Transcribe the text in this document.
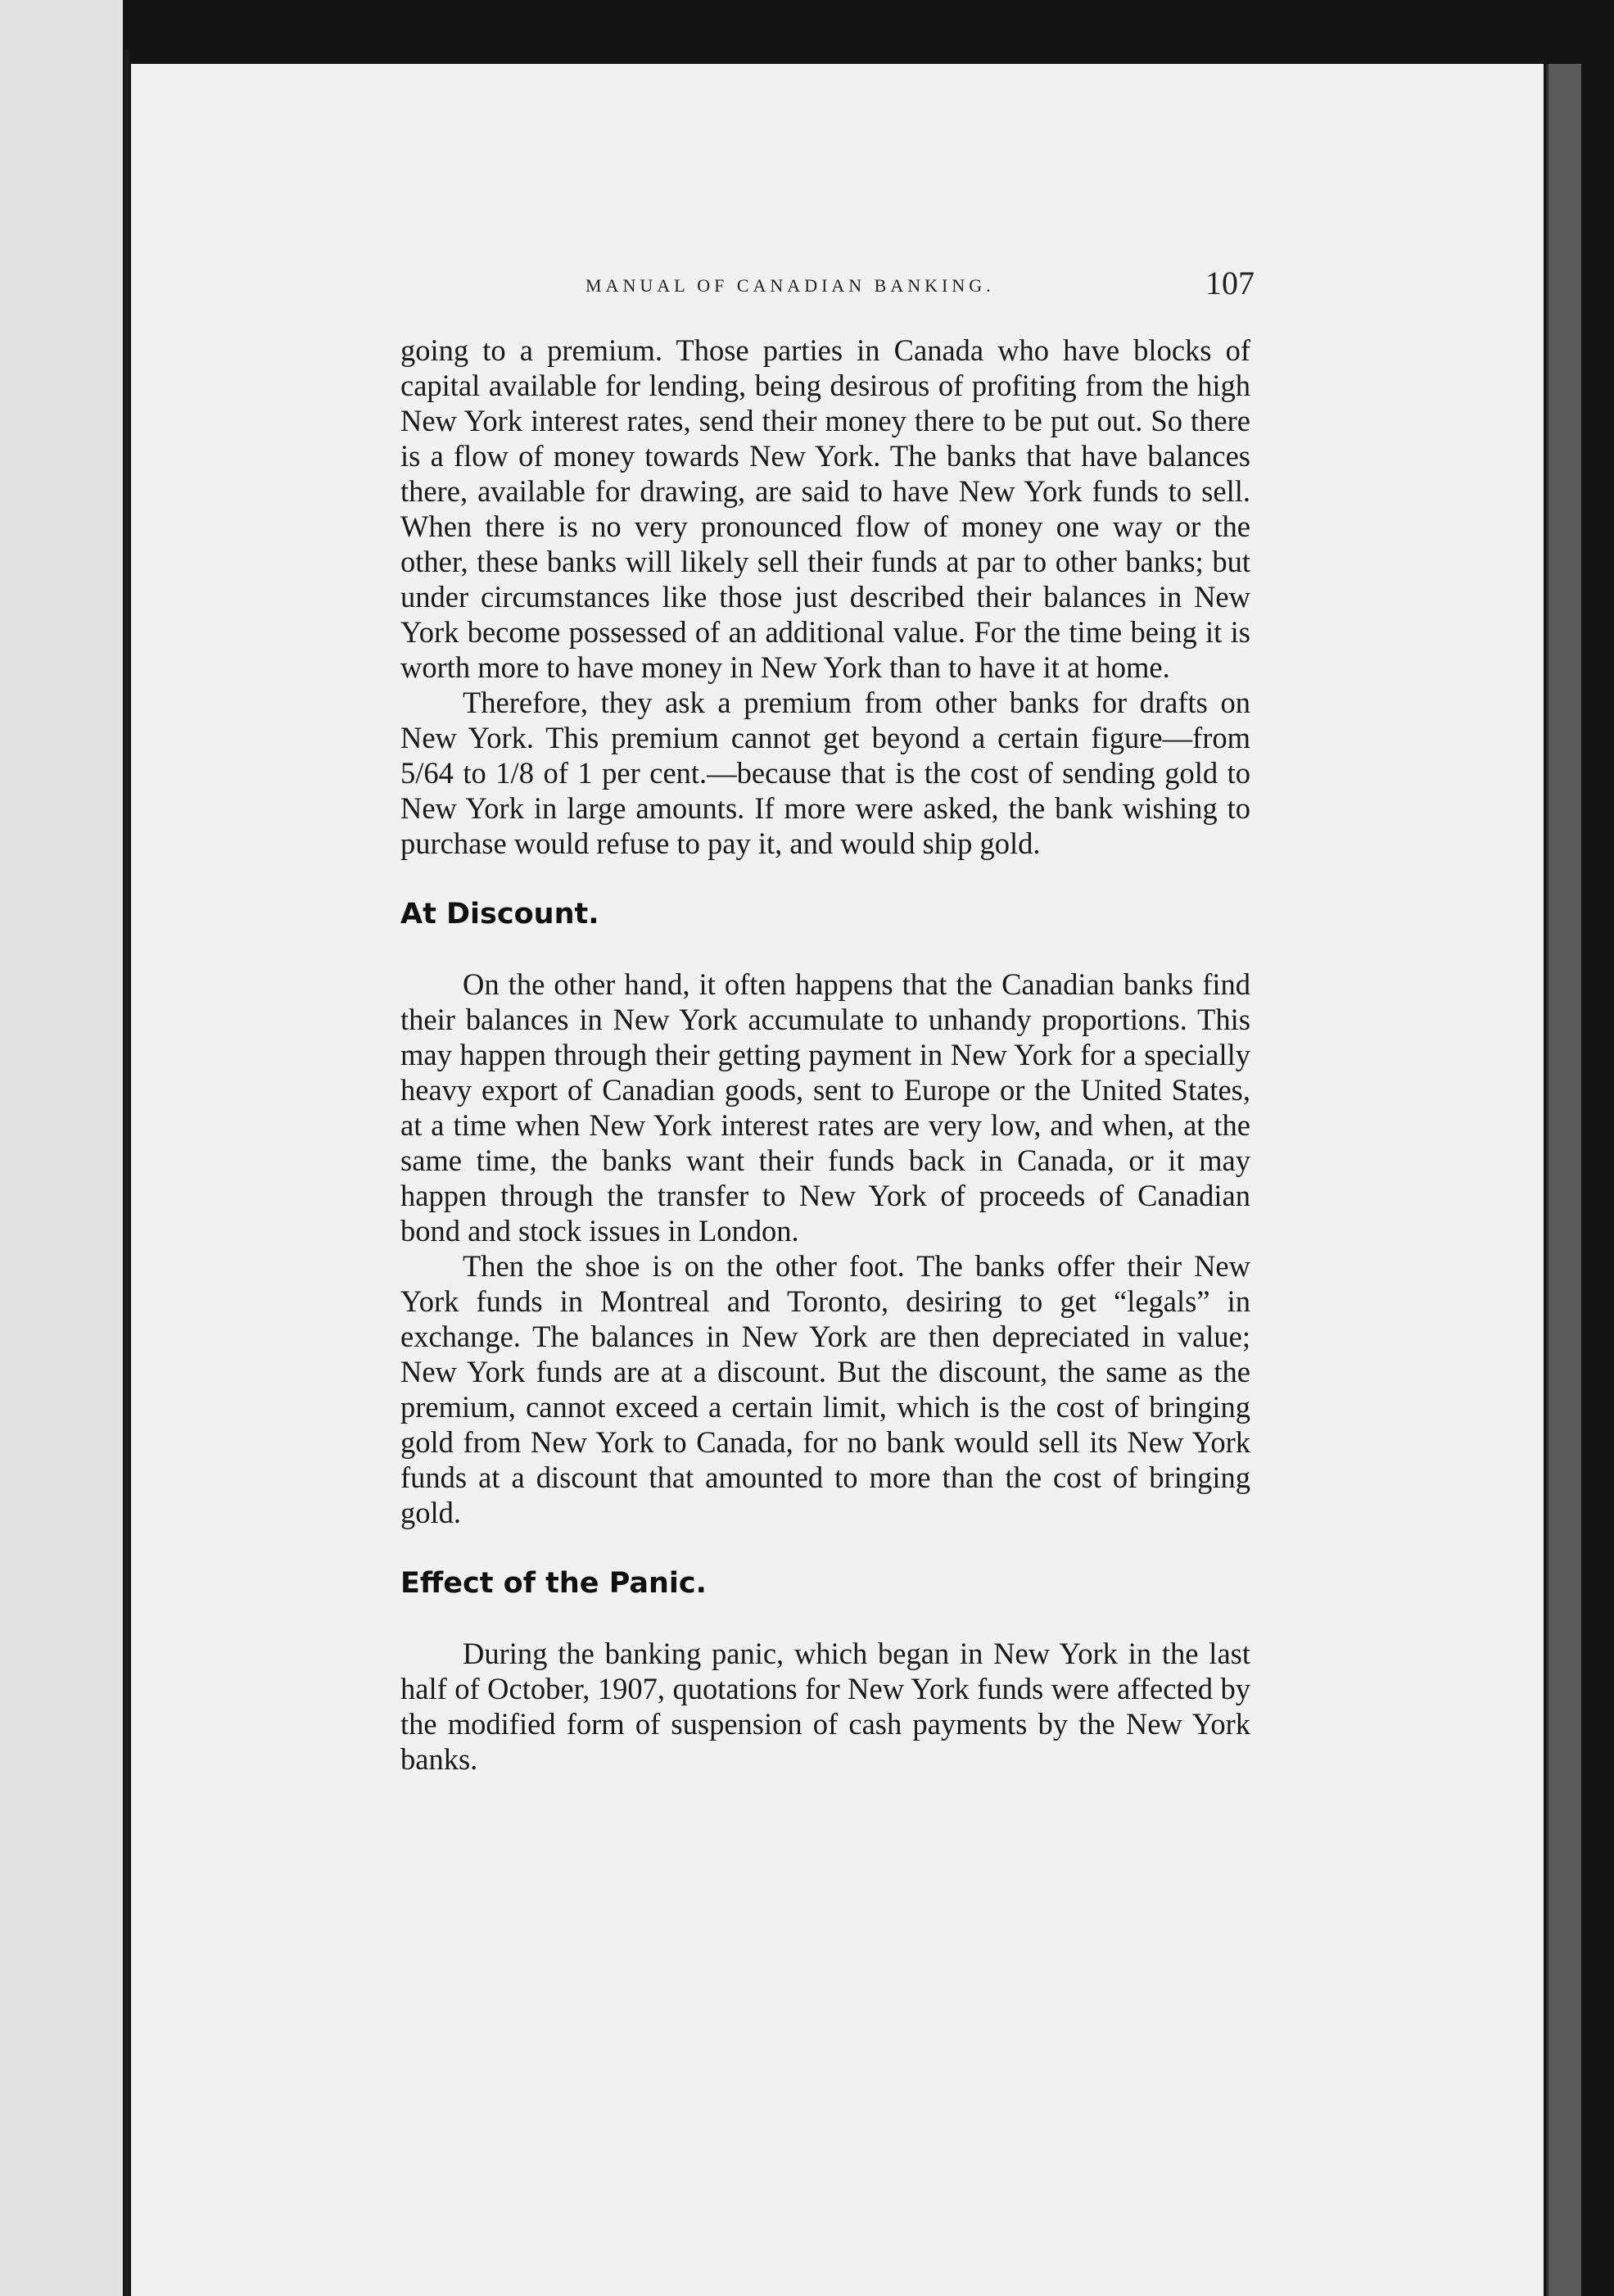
MANUAL OF CANADIAN BANKING.	107

going to a premium. Those parties in Canada who have blocks of capital available for lending, being desirous of profiting from the high New York interest rates, send their money there to be put out. So there is a flow of money towards New York. The banks that have balances there, available for drawing, are said to have New York funds to sell. When there is no very pronounced flow of money one way or the other, these banks will likely sell their funds at par to other banks; but under circumstances like those just described their balances in New York become possessed of an additional value. For the time being it is worth more to have money in New York than to have it at home.

Therefore, they ask a premium from other banks for drafts on New York. This premium cannot get beyond a certain figure—from 5/64 to 1/8 of 1 per cent.—because that is the cost of sending gold to New York in large amounts. If more were asked, the bank wishing to purchase would refuse to pay it, and would ship gold.

At Discount.

On the other hand, it often happens that the Canadian banks find their balances in New York accumulate to unhandy proportions. This may happen through their getting payment in New York for a specially heavy export of Canadian goods, sent to Europe or the United States, at a time when New York interest rates are very low, and when, at the same time, the banks want their funds back in Canada, or it may happen through the transfer to New York of proceeds of Canadian bond and stock issues in London.

Then the shoe is on the other foot. The banks offer their New York funds in Montreal and Toronto, desiring to get “legals” in exchange. The balances in New York are then depreciated in value; New York funds are at a discount. But the discount, the same as the premium, cannot exceed a certain limit, which is the cost of bringing gold from New York to Canada, for no bank would sell its New York funds at a discount that amounted to more than the cost of bringing gold.

Effect of the Panic.

During the banking panic, which began in New York in the last half of October, 1907, quotations for New York funds were affected by the modified form of suspension of cash payments by the New York banks.
